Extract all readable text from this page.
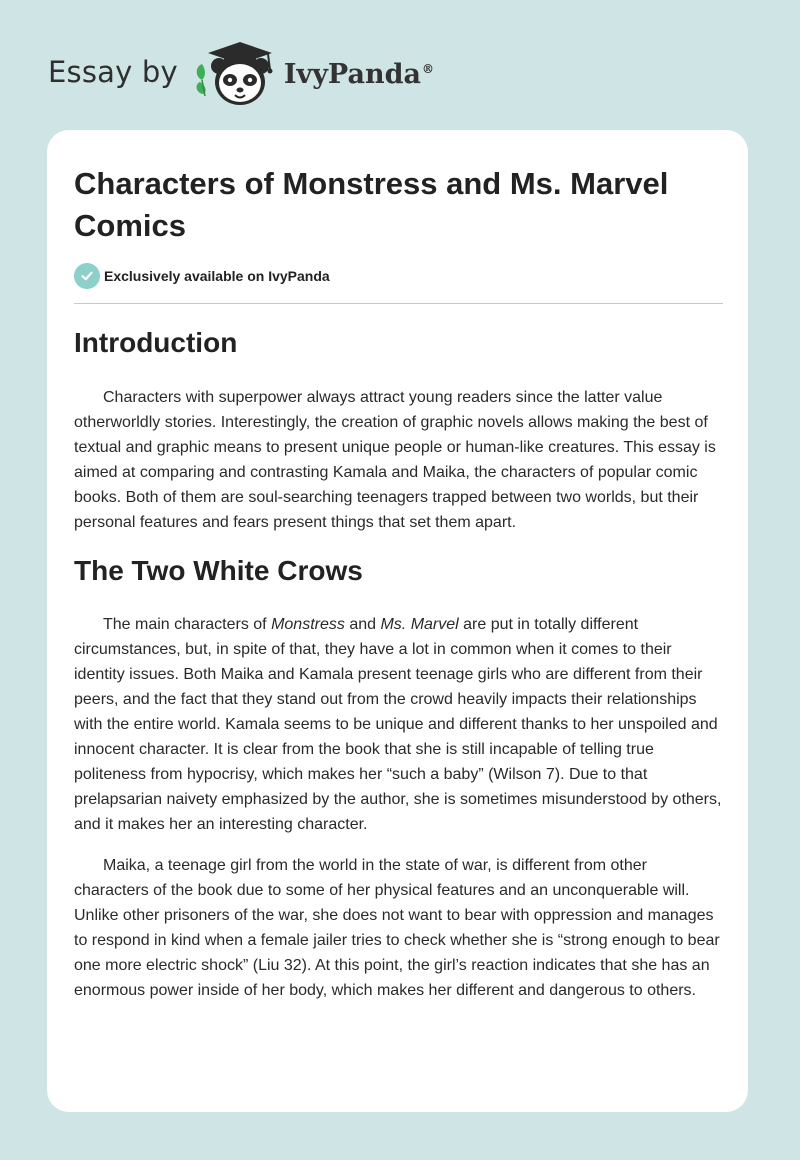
Essay by	IvyPanda®
Characters of Monstress and Ms. Marvel Comics
Exclusively available on IvyPanda
Introduction

Characters with superpower always attract young readers since the latter value otherworldly stories. Interestingly, the creation of graphic novels allows making the best of textual and graphic means to present unique people or human-like creatures. This essay is aimed at comparing and contrasting Kamala and Maika, the characters of popular comic books. Both of them are soul-searching teenagers trapped between two worlds, but their personal features and fears present things that set them apart.

The Two White Crows

The main characters of Monstress and Ms. Marvel are put in totally different circumstances, but, in spite of that, they have a lot in common when it comes to their identity issues. Both Maika and Kamala present teenage girls who are different from their peers, and the fact that they stand out from the crowd heavily impacts their relationships with the entire world. Kamala seems to be unique and different thanks to her unspoiled and innocent character. It is clear from the book that she is still incapable of telling true politeness from hypocrisy, which makes her “such a baby” (Wilson 7). Due to that prelapsarian naivety emphasized by the author, she is sometimes misunderstood by others, and it makes her an interesting character.

Maika, a teenage girl from the world in the state of war, is different from other characters of the book due to some of her physical features and an unconquerable will. Unlike other prisoners of the war, she does not want to bear with oppression and manages to respond in kind when a female jailer tries to check whether she is “strong enough to bear one more electric shock” (Liu 32). At this point, the girl’s reaction indicates that she has an enormous power inside of her body, which makes her different and dangerous to others.
